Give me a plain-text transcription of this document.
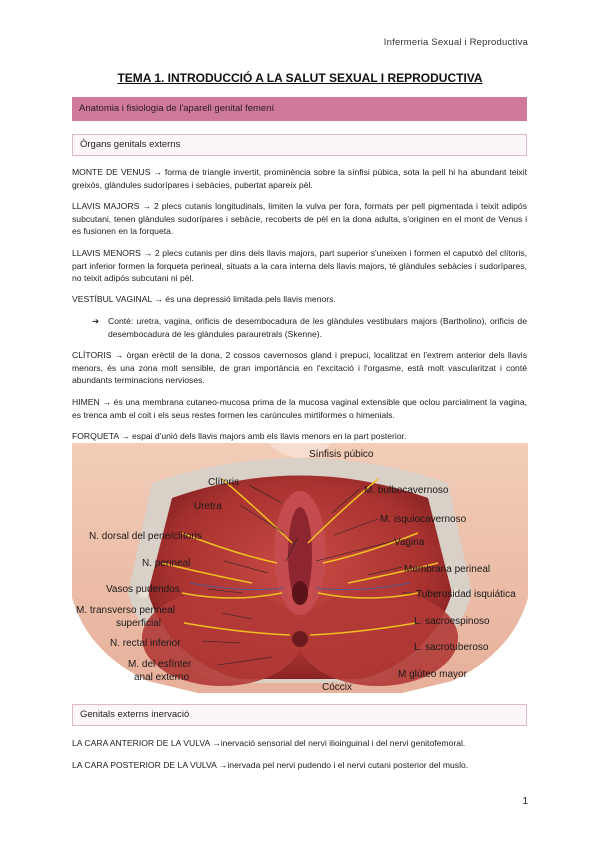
Infermeria Sexual i Reproductiva
TEMA 1. INTRODUCCIÓ A LA SALUT SEXUAL I REPRODUCTIVA
Anatomia i fisiologia de l'aparell genital femení
Òrgans genitals externs
MONTE DE VENUS → forma de triangle invertit, prominència sobre la sínfisi púbica, sota la pell hi ha abundant teixit greixós, glàndules sudorípares i sebàcies, pubertat apareix pèl.
LLAVIS MAJORS → 2 plecs cutanis longitudinals, limiten la vulva per fora, formats per pell pigmentada i teixit adipós subcutani, tenen glàndules sudorípares i sebàcie, recoberts de pèl en la dona adulta, s'originen en el mont de Venus i es fusionen en la forqueta.
LLAVIS MENORS → 2 plecs cutanis per dins dels llavis majors, part superior s'uneixen i formen el caputxó del clítoris, part inferior formen la forqueta perineal, situats a la cara interna dels llavis majors, té glàndules sebàcies i sudorípares, no teixit adipós subcutani ni pèl.
VESTÍBUL VAGINAL → és una depressió limitada pels llavis menors.
➔ Conté: uretra, vagina, orificis de desembocadura de les glàndules vestibulars majors (Bartholino), orificis de desembocadura de les glàndules parauretrals (Skenne).
CLÍTORIS → òrgan erèctil de la dona, 2 cossos cavernosos gland i prepuci, localitzat en l'extrem anterior dels llavis menors, és una zona molt sensible, de gran importància en l'excitació i l'orgasme, està molt vascularitzat i conté abundants terminacions nervioses.
HIMEN → és una membrana cutaneo-mucosa prima de la mucosa vaginal extensible que oclou parcialment la vagina, es trenca amb el coit i els seus restes formen les carúncules mirtiformes o himenials.
FORQUETA → espai d'unió dels llavis majors amb els llavis menors en la part posterior.
Sínfisis púbico
Clítoris
Uretra
N. dorsal del pene/clítoris
N. perineal
Vasos pudendos
M. transverso perineal
superficial
N. rectal inferior
M. del esfínter
anal externo
Cóccix
M. bulbocavernoso
M. isquiocavernoso
Vagina
Membrana perineal
Tuberosidad isquiática
L. sacroespinoso
L. sacrotuberoso
M glúteo mayor
Genitals externs inervació
LA CARA ANTERIOR DE LA VULVA →inervació sensorial del nervi ilioinguinal i del nervi genitofemoral.
LA CARA POSTERIOR DE LA VULVA →inervada pel nervi pudendo i el nervi cutani posterior del muslo.
1
